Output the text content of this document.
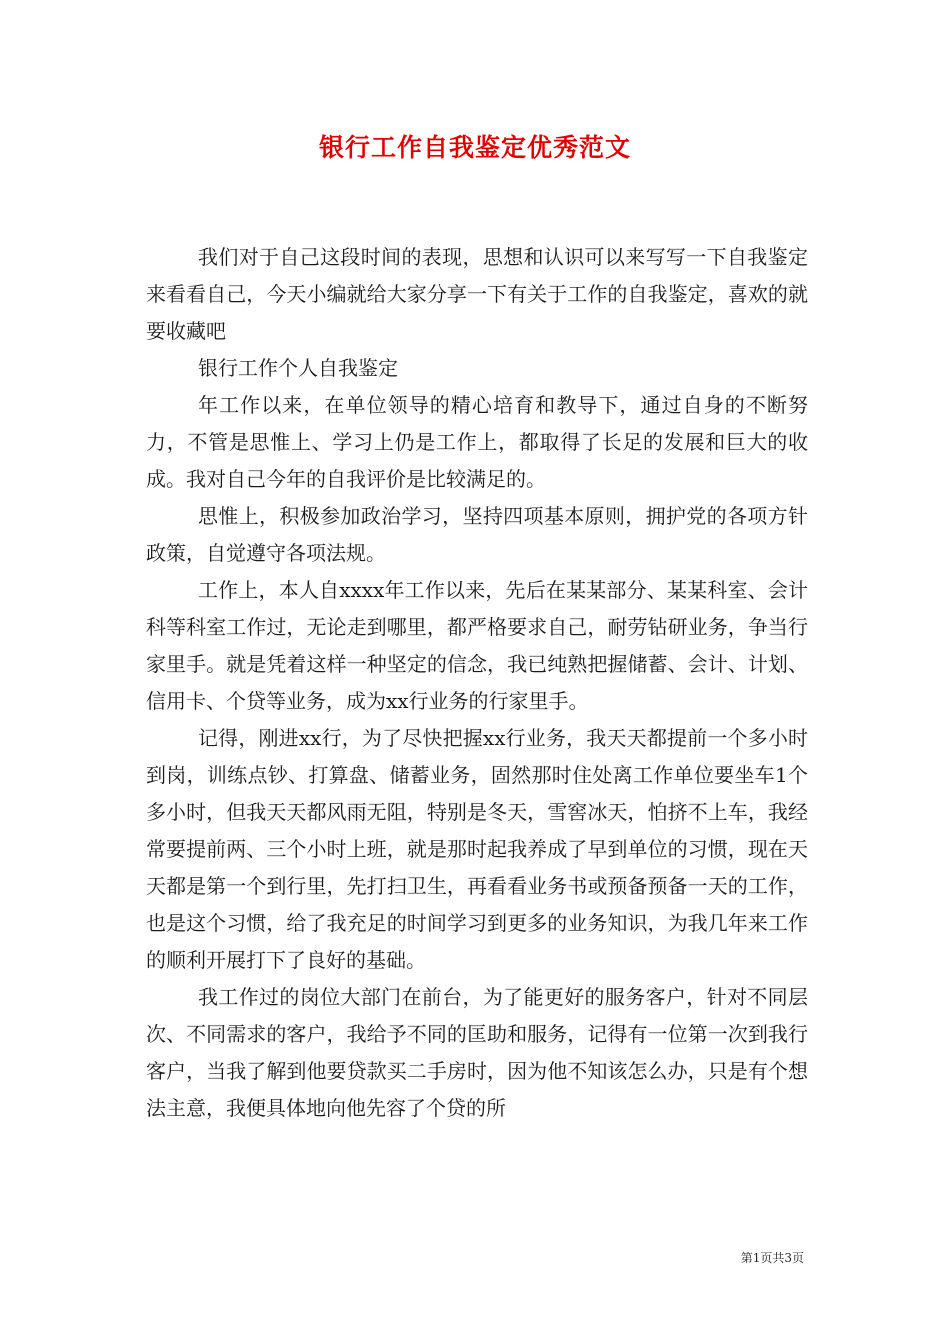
银行工作自我鉴定优秀范文

我们对于自己这段时间的表现，思想和认识可以来写写一下自我鉴定来看看自己，今天小编就给大家分享一下有关于工作的自我鉴定，喜欢的就要收藏吧

银行工作个人自我鉴定

年工作以来，在单位领导的精心培育和教导下，通过自身的不断努力，不管是思惟上、学习上仍是工作上，都取得了长足的发展和巨大的收成。我对自己今年的自我评价是比较满足的。

思惟上，积极参加政治学习，坚持四项基本原则，拥护党的各项方针政策，自觉遵守各项法规。

工作上，本人自xxxx年工作以来，先后在某某部分、某某科室、会计科等科室工作过，无论走到哪里，都严格要求自己，耐劳钻研业务，争当行家里手。就是凭着这样一种坚定的信念，我已纯熟把握储蓄、会计、计划、信用卡、个贷等业务，成为xx行业务的行家里手。

记得，刚进xx行，为了尽快把握xx行业务，我天天都提前一个多小时到岗，训练点钞、打算盘、储蓄业务，固然那时住处离工作单位要坐车1个多小时，但我天天都风雨无阻，特别是冬天，雪窖冰天，怕挤不上车，我经常要提前两、三个小时上班，就是那时起我养成了早到单位的习惯，现在天天都是第一个到行里，先打扫卫生，再看看业务书或预备预备一天的工作，也是这个习惯，给了我充足的时间学习到更多的业务知识，为我几年来工作的顺利开展打下了良好的基础。

我工作过的岗位大部门在前台，为了能更好的服务客户，针对不同层次、不同需求的客户，我给予不同的匡助和服务，记得有一位第一次到我行客户，当我了解到他要贷款买二手房时，因为他不知该怎么办，只是有个想法主意，我便具体地向他先容了个贷的所

第1页共3页
